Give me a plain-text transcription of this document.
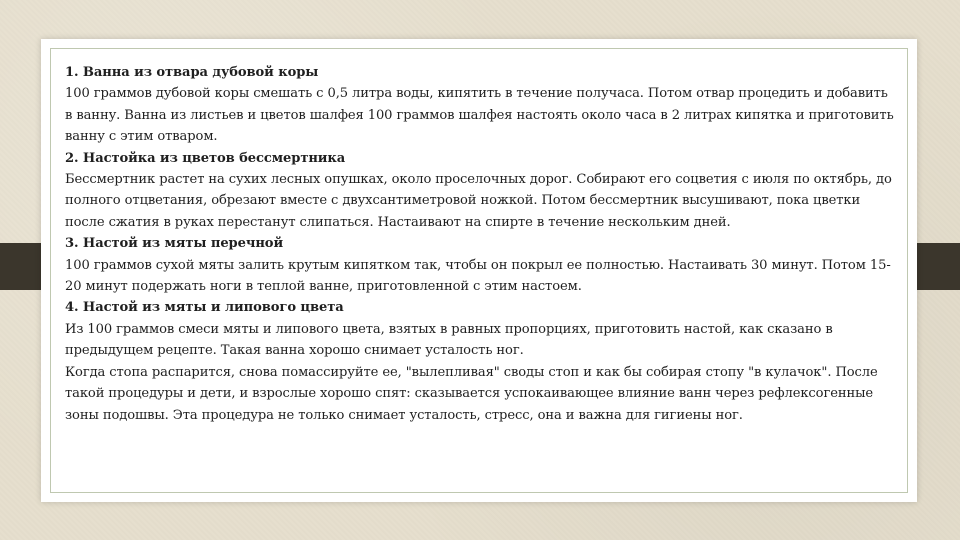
1. Ванна из отвара дубовой коры

100 граммов дубовой коры смешать с 0,5 литра воды, кипятить в течение получаса. Потом отвар процедить и добавить в ванну. Ванна из листьев и цветов шалфея 100 граммов шалфея настоять около часа в 2 литрах кипятка и приготовить ванну с этим отваром.

2. Настойка из цветов бессмертника

Бессмертник растет на сухих лесных опушках, около проселочных дорог. Собирают его соцветия с июля по октябрь, до полного отцветания, обрезают вместе с двухсантиметровой ножкой. Потом бессмертник высушивают, пока цветки после сжатия в руках перестанут слипаться. Настаивают на спирте в течение нескольким дней.

3. Настой из мяты перечной

100 граммов сухой мяты залить крутым кипятком так, чтобы он покрыл ее полностью. Настаивать 30 минут. Потом 15-20 минут подержать ноги в теплой ванне, приготовленной с этим настоем.

4. Настой из мяты и липового цвета

Из 100 граммов смеси мяты и липового цвета, взятых в равных пропорциях, приготовить настой, как сказано в предыдущем рецепте. Такая ванна хорошо снимает усталость ног.

Когда стопа распарится, снова помассируйте ее, "вылепливая" своды стоп и как бы собирая стопу "в кулачок". После такой процедуры и дети, и взрослые хорошо спят: сказывается успокаивающее влияние ванн через рефлексогенные зоны подошвы. Эта процедура не только снимает усталость, стресс, она и важна для гигиены ног.
